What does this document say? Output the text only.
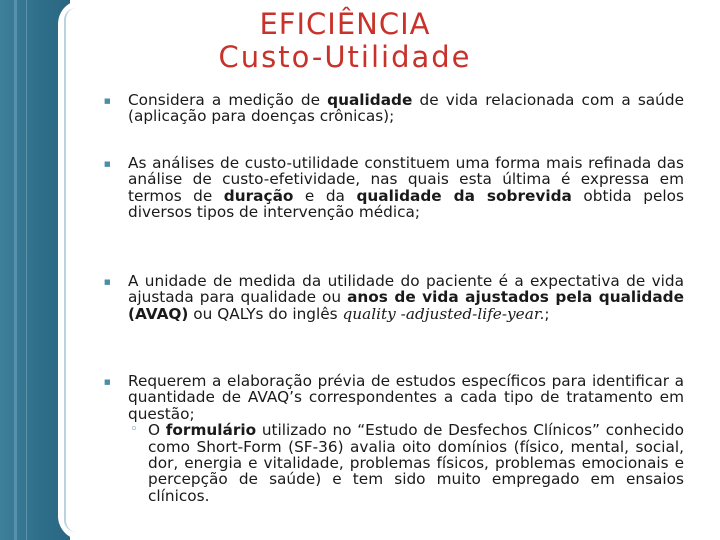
EFICIÊNCIA
Custo-Utilidade
■ Considera a medição de qualidade de vida relacionada com a saúde (aplicação para doenças crônicas);
■ As análises de custo-utilidade constituem uma forma mais refinada das análise de custo-efetividade, nas quais esta última é expressa em termos de duração e da qualidade da sobrevida obtida pelos diversos tipos de intervenção médica;
■ A unidade de medida da utilidade do paciente é a expectativa de vida ajustada para qualidade ou anos de vida ajustados pela qualidade (AVAQ) ou QALYs do inglês quality -adjusted-life-year.;
■ Requerem a elaboração prévia de estudos específicos para identificar a quantidade de AVAQ’s correspondentes a cada tipo de tratamento em questão;
◦ O formulário utilizado no “Estudo de Desfechos Clínicos” conhecido como Short-Form (SF-36) avalia oito domínios (físico, mental, social, dor, energia e vitalidade, problemas físicos, problemas emocionais e percepção de saúde) e tem sido muito empregado em ensaios clínicos.
